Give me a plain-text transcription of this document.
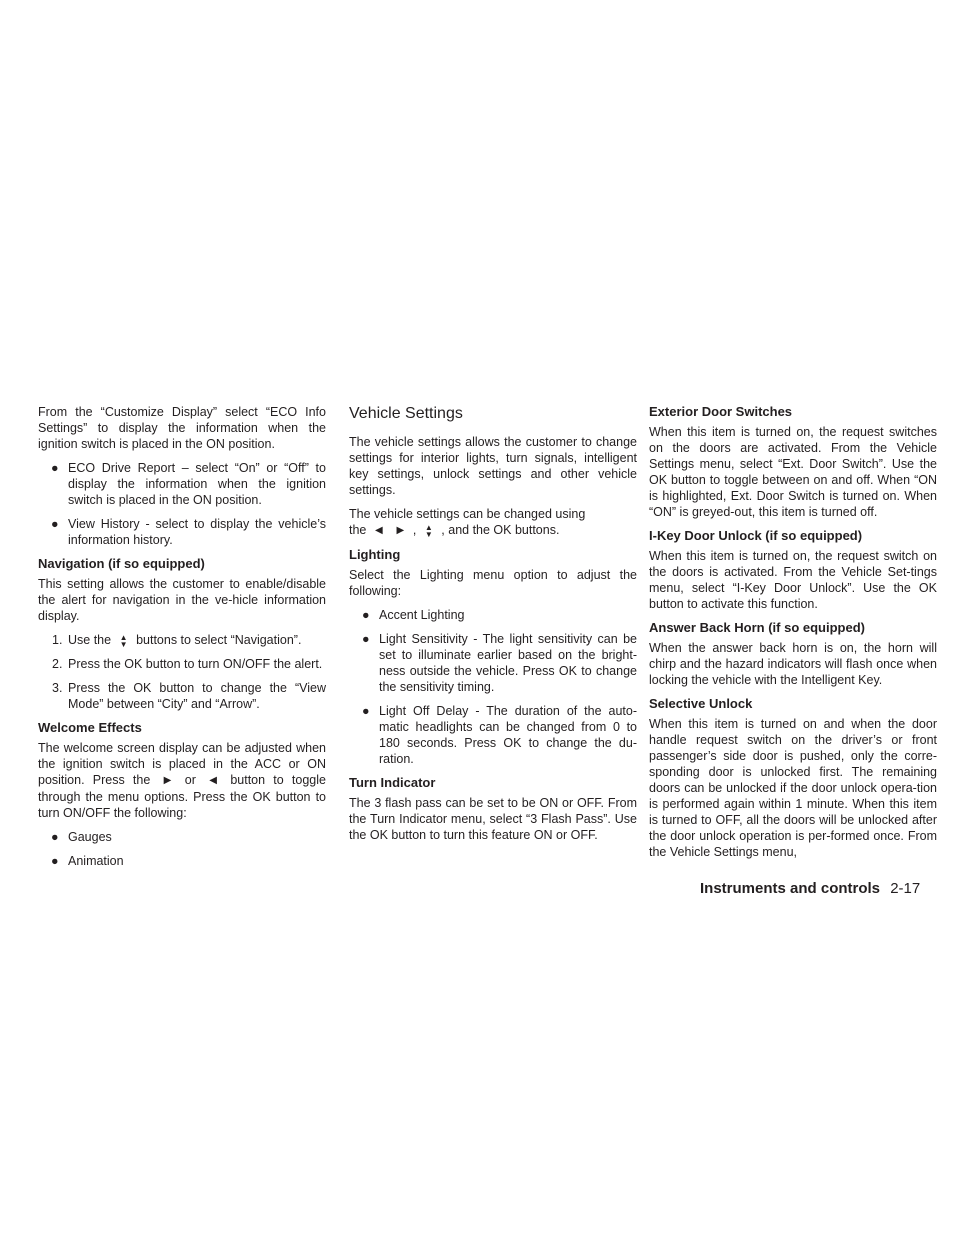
From the “Customize Display” select “ECO Info Settings” to display the information when the ignition switch is placed in the ON position.

● ECO Drive Report – select “On” or “Off” to display the information when the ignition switch is placed in the ON position.
● View History - select to display the vehicle’s information history.
Navigation (if so equipped)

This setting allows the customer to enable/disable the alert for navigation in the ve-hicle information display.

1. Use the ▲
▼ buttons to select “Navigation”.
2. Press the OK button to turn ON/OFF the alert.
3. Press the OK button to change the “View Mode” between “City” and “Arrow”.
Welcome Effects

The welcome screen display can be adjusted when the ignition switch is placed in the ACC or ON position. Press the ▶ or ◀ button to toggle through the menu options. Press the OK button to turn ON/OFF the following:

● Gauges
● Animation
Vehicle Settings

The vehicle settings allows the customer to change settings for interior lights, turn signals, intelligent key settings, unlock settings and other vehicle settings.

The vehicle settings can be changed using
the ◀ ▶ , ▲
▼ , and the OK buttons.

Lighting

Select the Lighting menu option to adjust the following:

● Accent Lighting
● Light Sensitivity - The light sensitivity can be set to illuminate earlier based on the bright-ness outside the vehicle. Press OK to change the sensitivity timing.
● Light Off Delay - The duration of the auto-matic headlights can be changed from 0 to 180 seconds. Press OK to change the du-ration.
Turn Indicator

The 3 flash pass can be set to be ON or OFF. From the Turn Indicator menu, select “3 Flash Pass”. Use the OK button to turn this feature ON or OFF.

Exterior Door Switches

When this item is turned on, the request switches on the doors are activated. From the Vehicle Settings menu, select “Ext. Door Switch”. Use the OK button to toggle between on and off. When “ON is highlighted, Ext. Door Switch is turned on. When “ON” is greyed-out, this item is turned off.

I-Key Door Unlock (if so equipped)

When this item is turned on, the request switch on the doors is activated. From the Vehicle Set-tings menu, select “I-Key Door Unlock”. Use the OK button to activate this function.

Answer Back Horn (if so equipped)

When the answer back horn is on, the horn will chirp and the hazard indicators will flash once when locking the vehicle with the Intelligent Key.

Selective Unlock

When this item is turned on and when the door handle request switch on the driver’s or front passenger’s side door is pushed, only the corre-sponding door is unlocked first. The remaining doors can be unlocked if the door unlock opera-tion is performed again within 1 minute. When this item is turned to OFF, all the doors will be unlocked after the door unlock operation is per-formed once. From the Vehicle Settings menu,

Instruments and controls 2-17
